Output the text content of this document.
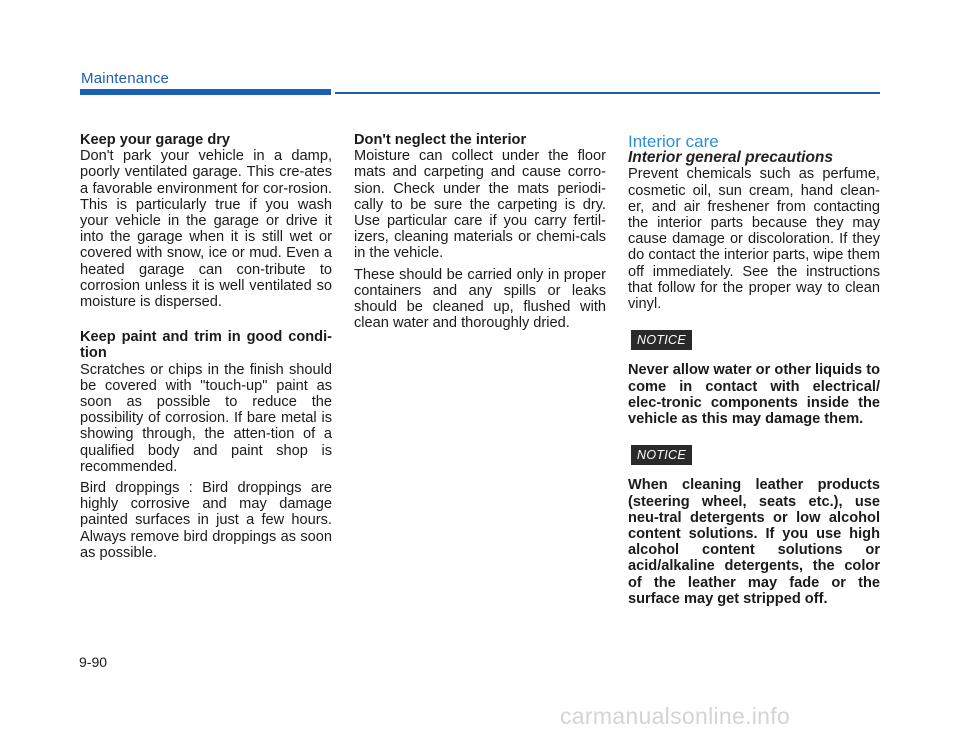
Maintenance

Keep your garage dry

Don't park your vehicle in a damp, poorly ventilated garage. This cre-ates a favorable environment for cor-rosion. This is particularly true if you wash your vehicle in the garage or drive it into the garage when it is still wet or covered with snow, ice or mud. Even a heated garage can con-tribute to corrosion unless it is well ventilated so moisture is dispersed.

Keep paint and trim in good condi-tion

Scratches or chips in the finish should be covered with "touch-up" paint as soon as possible to reduce the possibility of corrosion. If bare metal is showing through, the atten-tion of a qualified body and paint shop is recommended.

Bird droppings : Bird droppings are highly corrosive and may damage painted surfaces in just a few hours. Always remove bird droppings as soon as possible.

Don't neglect the interior

Moisture can collect under the floor mats and carpeting and cause corro-sion. Check under the mats periodi-cally to be sure the carpeting is dry. Use particular care if you carry fertil-izers, cleaning materials or chemi-cals in the vehicle.

These should be carried only in proper containers and any spills or leaks should be cleaned up, flushed with clean water and thoroughly dried.

Interior care

Interior general precautions

Prevent chemicals such as perfume, cosmetic oil, sun cream, hand clean-er, and air freshener from contacting the interior parts because they may cause damage or discoloration. If they do contact the interior parts, wipe them off immediately. See the instructions that follow for the proper way to clean vinyl.

NOTICE

Never allow water or other liquids to come in contact with electrical/ elec-tronic components inside the vehicle as this may damage them.

NOTICE

When cleaning leather products (steering wheel, seats etc.), use neu-tral detergents or low alcohol content solutions. If you use high alcohol content solutions or acid/alkaline detergents, the color of the leather may fade or the surface may get stripped off.

9-90
carmanualsonline.info
